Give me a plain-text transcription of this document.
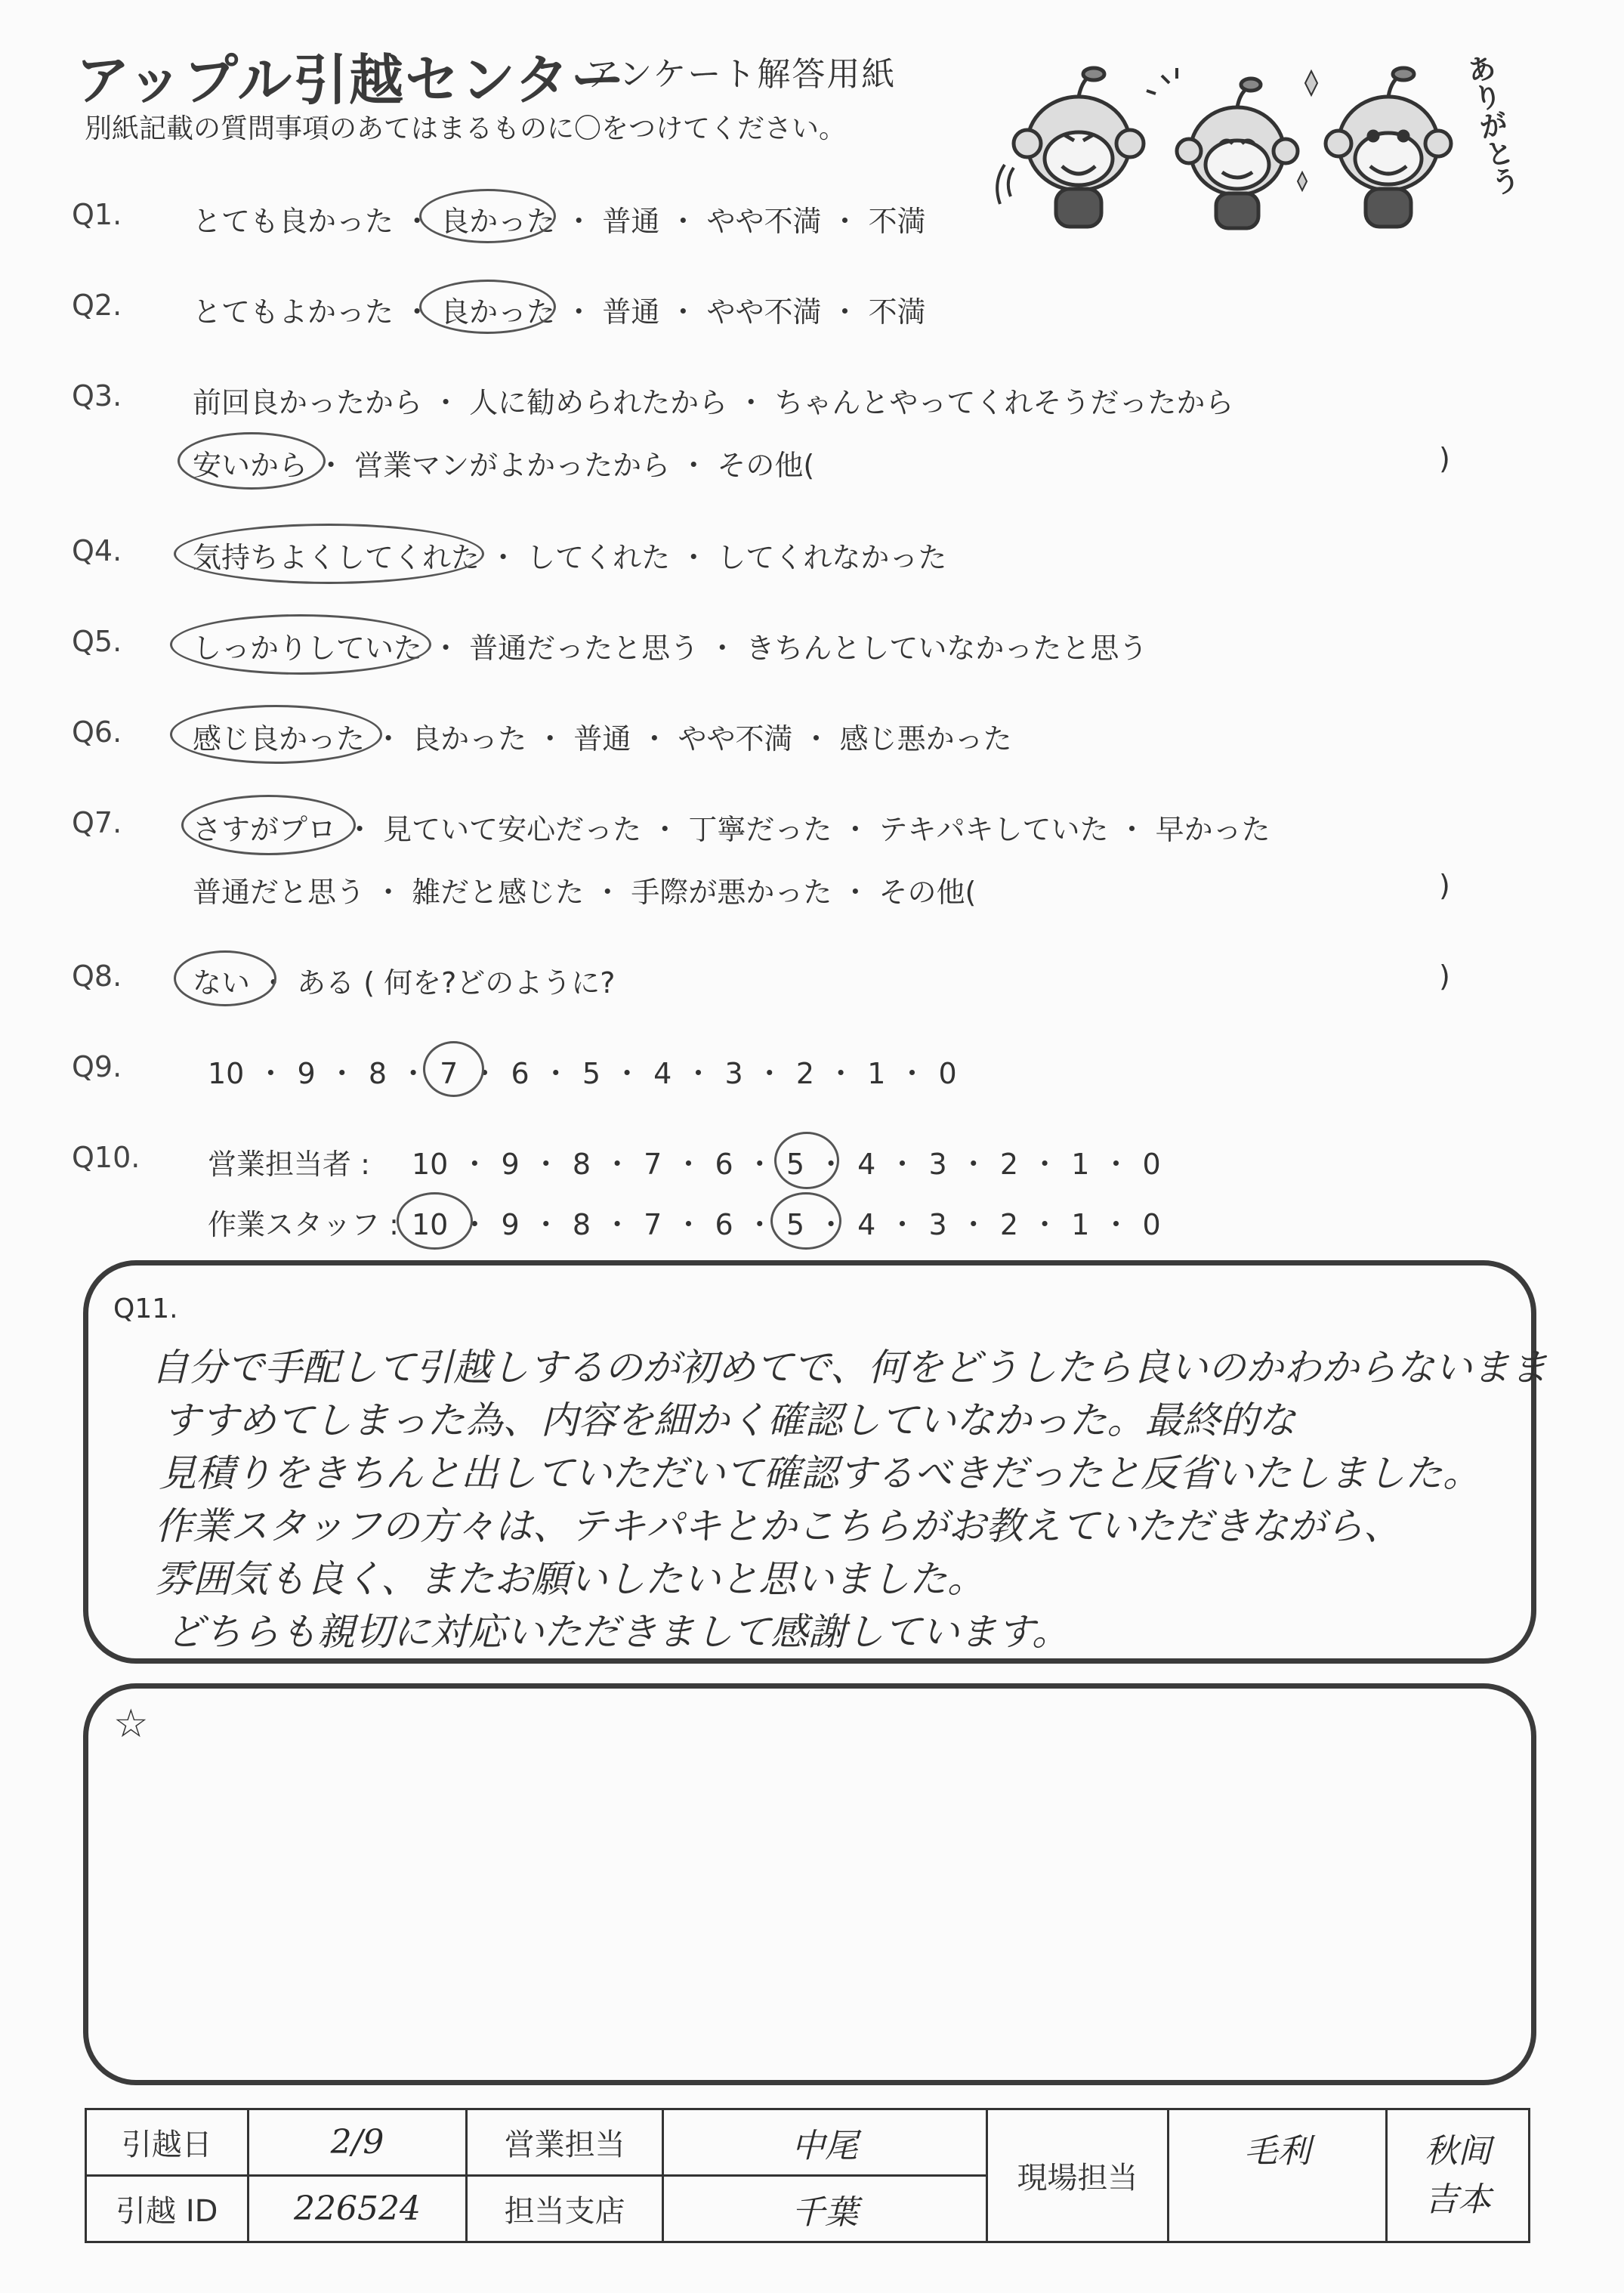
アップル引越センター
アンケート解答用紙
別紙記載の質問事項のあてはまるものに〇をつけてください。	ありがとう
Q1.
Q2.
Q3.
Q4.
Q5.
Q6.
Q7.
Q8.
Q9.
Q10.
とても良かった ・ 良かった ・ 普通 ・ やや不満 ・ 不満
とてもよかった ・ 良かった ・ 普通 ・ やや不満 ・ 不満
前回良かったから ・ 人に勧められたから ・ ちゃんとやってくれそうだったから
安いから ・ 営業マンがよかったから ・ その他(	)
気持ちよくしてくれた ・ してくれた ・ してくれなかった
しっかりしていた ・ 普通だったと思う ・ きちんとしていなかったと思う
感じ良かった ・ 良かった ・ 普通 ・ やや不満 ・ 感じ悪かった
さすがプロ ・ 見ていて安心だった ・ 丁寧だった ・ テキパキしていた ・ 早かった
普通だと思う ・ 雑だと感じた ・ 手際が悪かった ・ その他(	)
ない ・ ある ( 何を?どのように?	)
10 ・ 9 ・ 8 ・ 7 ・ 6 ・ 5 ・ 4 ・ 3 ・ 2 ・ 1 ・ 0
営業担当者 : 10 ・ 9 ・ 8 ・ 7 ・ 6 ・ 5 ・ 4 ・ 3 ・ 2 ・ 1 ・ 0
作業スタッフ : 10 ・ 9 ・ 8 ・ 7 ・ 6 ・ 5 ・ 4 ・ 3 ・ 2 ・ 1 ・ 0
Q11.
自分で手配して引越しするのが初めてで、何をどうしたら良いのかわからないまま
すすめてしまった為、内容を細かく確認していなかった。最終的な
見積りをきちんと出していただいて確認するべきだったと反省いたしました。
作業スタッフの方々は、テキパキとかこちらがお教えていただきながら、
雰囲気も良く、またお願いしたいと思いました。
どちらも親切に対応いただきまして感謝しています。
☆
引越日	2/9	営業担当	中尾	現場担当	毛利	秋间
吉本

引越 ID	226524	担当支店	千葉			
